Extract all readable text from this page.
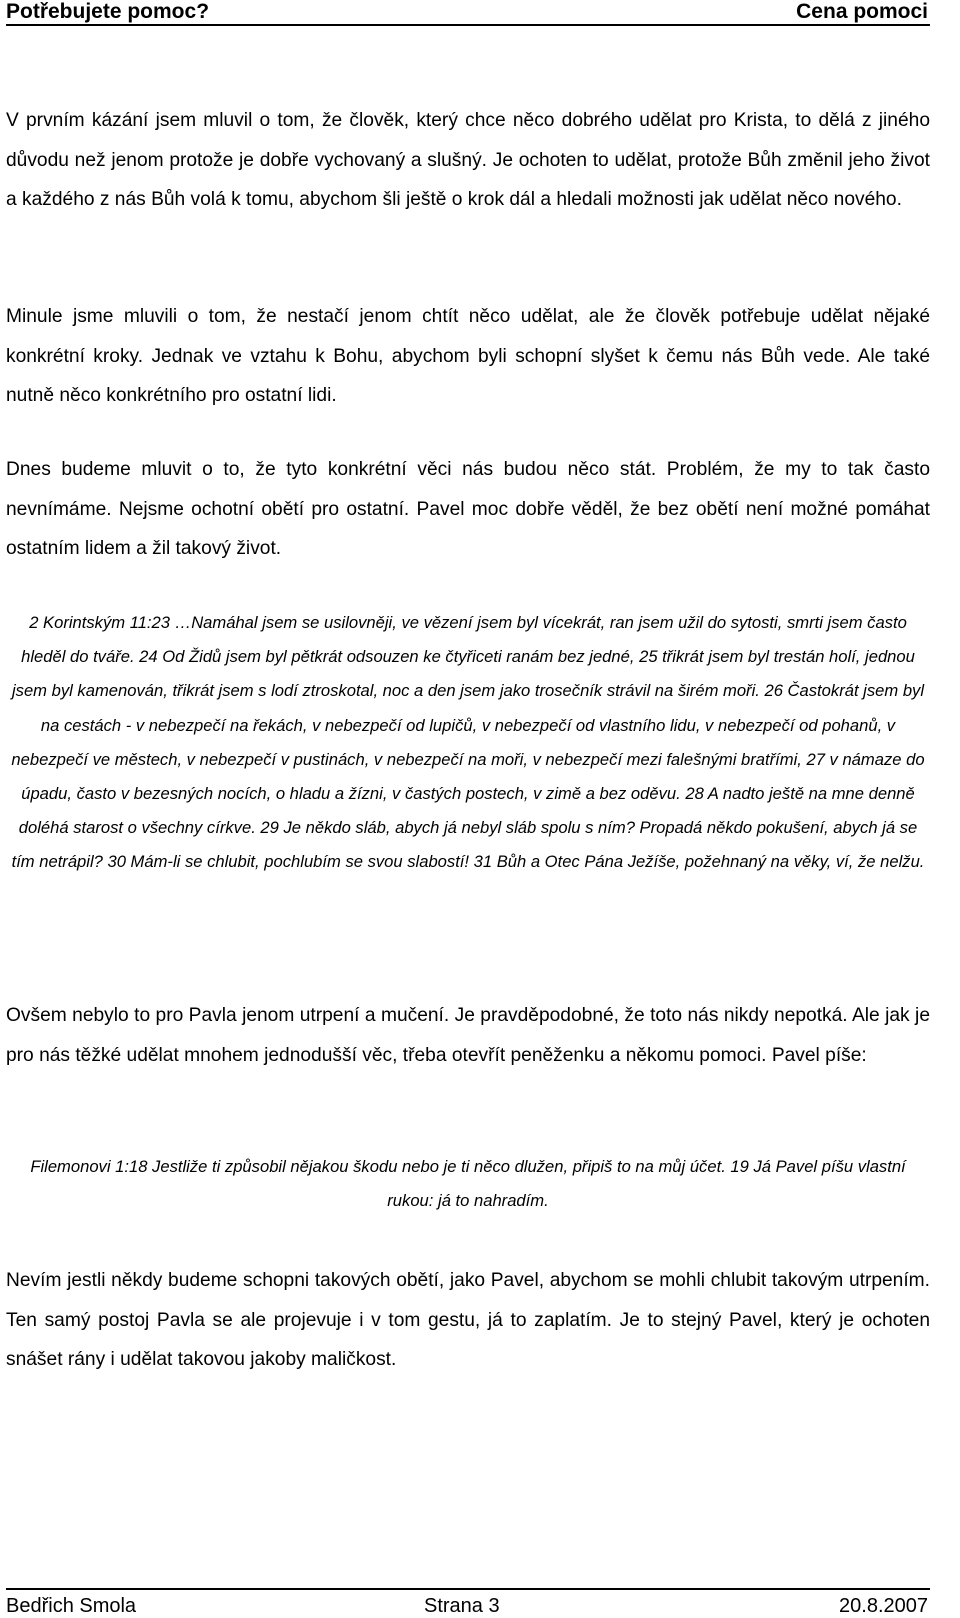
Potřebujete pomoc?	Cena pomoci

V prvním kázání jsem mluvil o tom, že člověk, který chce něco dobrého udělat pro Krista, to dělá z jiného důvodu než jenom protože je dobře vychovaný a slušný. Je ochoten to udělat, protože Bůh změnil jeho život a každého z nás Bůh volá k tomu, abychom šli ještě o krok dál a hledali možnosti jak udělat něco nového.

Minule jsme mluvili o tom, že nestačí jenom chtít něco udělat, ale že člověk potřebuje udělat nějaké konkrétní kroky. Jednak ve vztahu k Bohu, abychom byli schopní slyšet k čemu nás Bůh vede. Ale také nutně něco konkrétního pro ostatní lidi.

Dnes budeme mluvit o to, že tyto konkrétní věci nás budou něco stát. Problém, že my to tak často nevnímáme. Nejsme ochotní obětí pro ostatní. Pavel moc dobře věděl, že bez obětí není možné pomáhat ostatním lidem a žil takový život.

2 Korintským 11:23 …Namáhal jsem se usilovněji, ve vězení jsem byl vícekrát, ran jsem užil do sytosti, smrti jsem často hleděl do tváře. 24 Od Židů jsem byl pětkrát odsouzen ke čtyřiceti ranám bez jedné, 25 třikrát jsem byl trestán holí, jednou jsem byl kamenován, třikrát jsem s lodí ztroskotal, noc a den jsem jako trosečník strávil na širém moři. 26 Častokrát jsem byl na cestách - v nebezpečí na řekách, v nebezpečí od lupičů, v nebezpečí od vlastního lidu, v nebezpečí od pohanů, v nebezpečí ve městech, v nebezpečí v pustinách, v nebezpečí na moři, v nebezpečí mezi falešnými bratřími, 27 v námaze do úpadu, často v bezesných nocích, o hladu a žízni, v častých postech, v zimě a bez oděvu. 28 A nadto ještě na mne denně doléhá starost o všechny církve. 29 Je někdo sláb, abych já nebyl sláb spolu s ním? Propadá někdo pokušení, abych já se tím netrápil? 30 Mám-li se chlubit, pochlubím se svou slabostí! 31 Bůh a Otec Pána Ježíše, požehnaný na věky, ví, že nelžu.

Ovšem nebylo to pro Pavla jenom utrpení a mučení. Je pravděpodobné, že toto nás nikdy nepotká. Ale jak je pro nás těžké udělat mnohem jednodušší věc, třeba otevřít peněženku a někomu pomoci. Pavel píše:

Filemonovi 1:18 Jestliže ti způsobil nějakou škodu nebo je ti něco dlužen, připiš to na můj účet. 19 Já Pavel píšu vlastní rukou: já to nahradím.

Nevím jestli někdy budeme schopni takových obětí, jako Pavel, abychom se mohli chlubit takovým utrpením. Ten samý postoj Pavla se ale projevuje i v tom gestu, já to zaplatím. Je to stejný Pavel, který je ochoten snášet rány i udělat takovou jakoby maličkost.

Bedřich Smola	Strana 3	20.8.2007
